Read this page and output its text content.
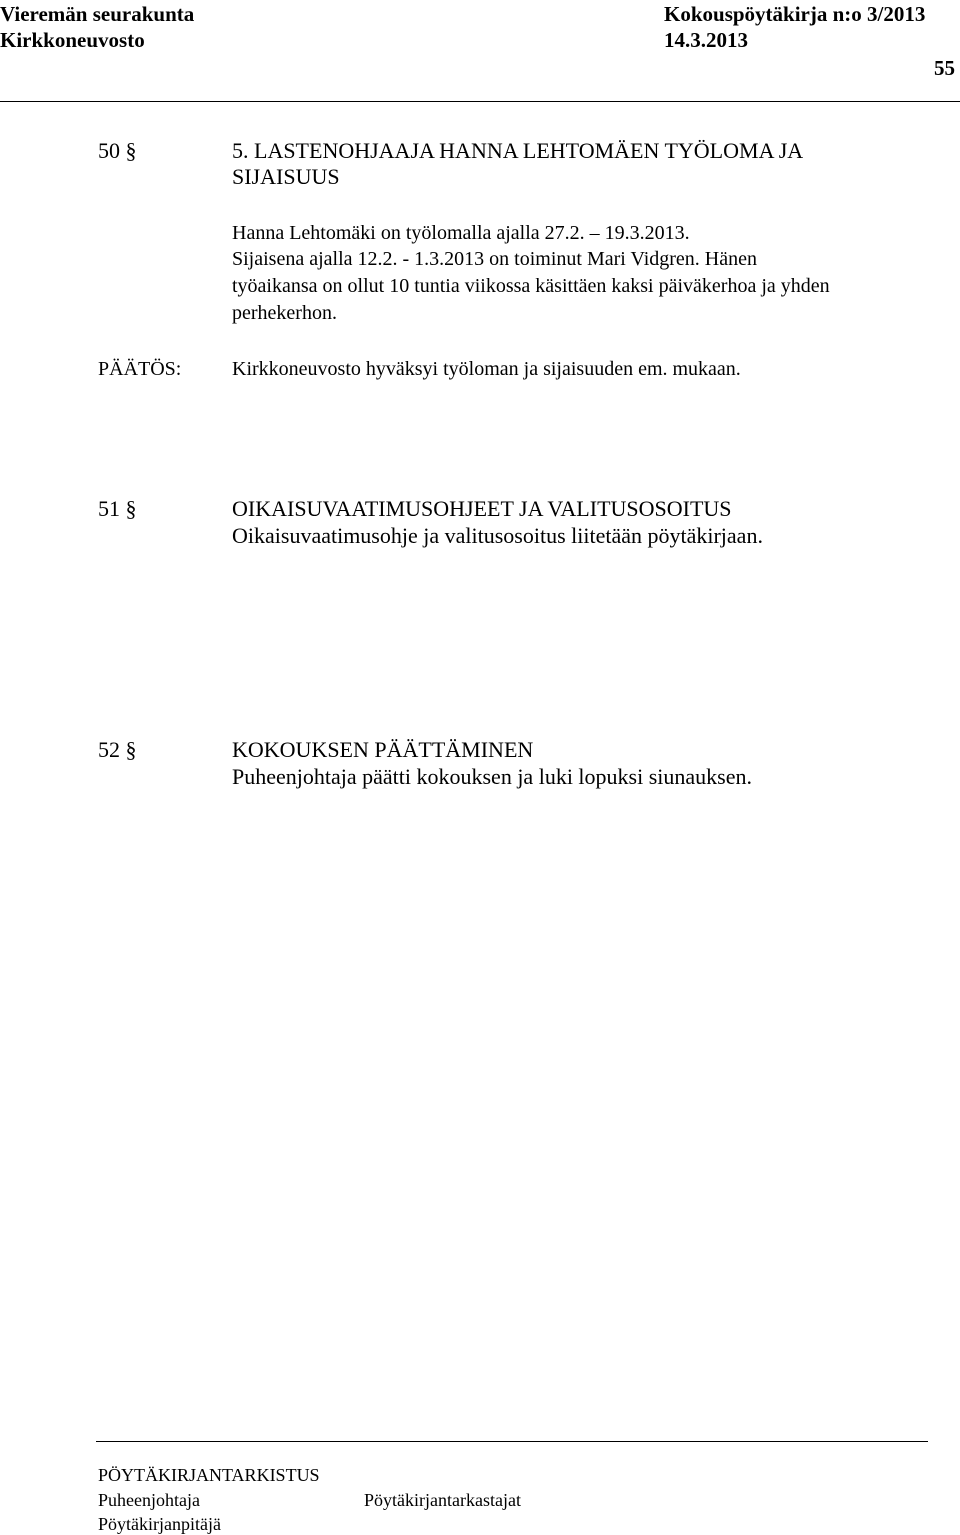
Vieremän seurakunta	Kokouspöytäkirja n:o 3/2013
Kirkkoneuvosto	14.3.2013
55
50 §	5. LASTENOHJAAJA HANNA LEHTOMÄEN TYÖLOMA JA
SIJAISUUS
Hanna Lehtomäki on työlomalla ajalla 27.2. – 19.3.2013.
Sijaisena ajalla 12.2. - 1.3.2013 on toiminut Mari Vidgren. Hänen
työaikansa on ollut 10 tuntia viikossa käsittäen kaksi päiväkerhoa ja yhden
perhekerhon.
PÄÄTÖS:	Kirkkoneuvosto hyväksyi työloman ja sijaisuuden em. mukaan.
51 §	OIKAISUVAATIMUSOHJEET JA VALITUSOSOITUS
Oikaisuvaatimusohje ja valitusosoitus liitetään pöytäkirjaan.
52 §	KOKOUKSEN PÄÄTTÄMINEN
Puheenjohtaja päätti kokouksen ja luki lopuksi siunauksen.
PÖYTÄKIRJANTARKISTUS
Puheenjohtaja	Pöytäkirjantarkastajat
Pöytäkirjanpitäjä
